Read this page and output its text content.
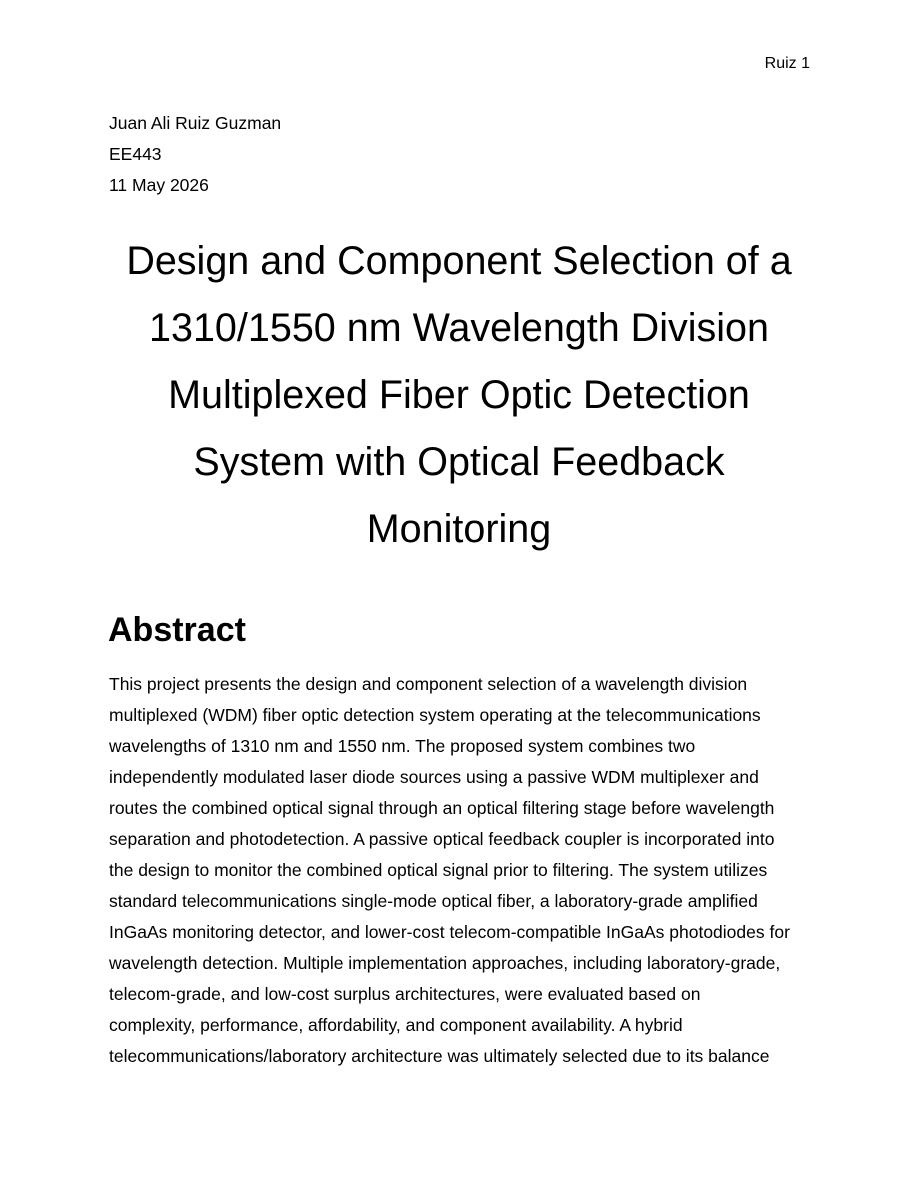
Ruiz 1
Juan Ali Ruiz Guzman
EE443
11 May 2026
Design and Component Selection of a
1310/1550 nm Wavelength Division
Multiplexed Fiber Optic Detection
System with Optical Feedback
Monitoring
Abstract
This project presents the design and component selection of a wavelength division
multiplexed (WDM) fiber optic detection system operating at the telecommunications
wavelengths of 1310 nm and 1550 nm. The proposed system combines two
independently modulated laser diode sources using a passive WDM multiplexer and
routes the combined optical signal through an optical filtering stage before wavelength
separation and photodetection. A passive optical feedback coupler is incorporated into
the design to monitor the combined optical signal prior to filtering. The system utilizes
standard telecommunications single-mode optical fiber, a laboratory-grade amplified
InGaAs monitoring detector, and lower-cost telecom-compatible InGaAs photodiodes for
wavelength detection. Multiple implementation approaches, including laboratory-grade,
telecom-grade, and low-cost surplus architectures, were evaluated based on
complexity, performance, affordability, and component availability. A hybrid
telecommunications/laboratory architecture was ultimately selected due to its balance
